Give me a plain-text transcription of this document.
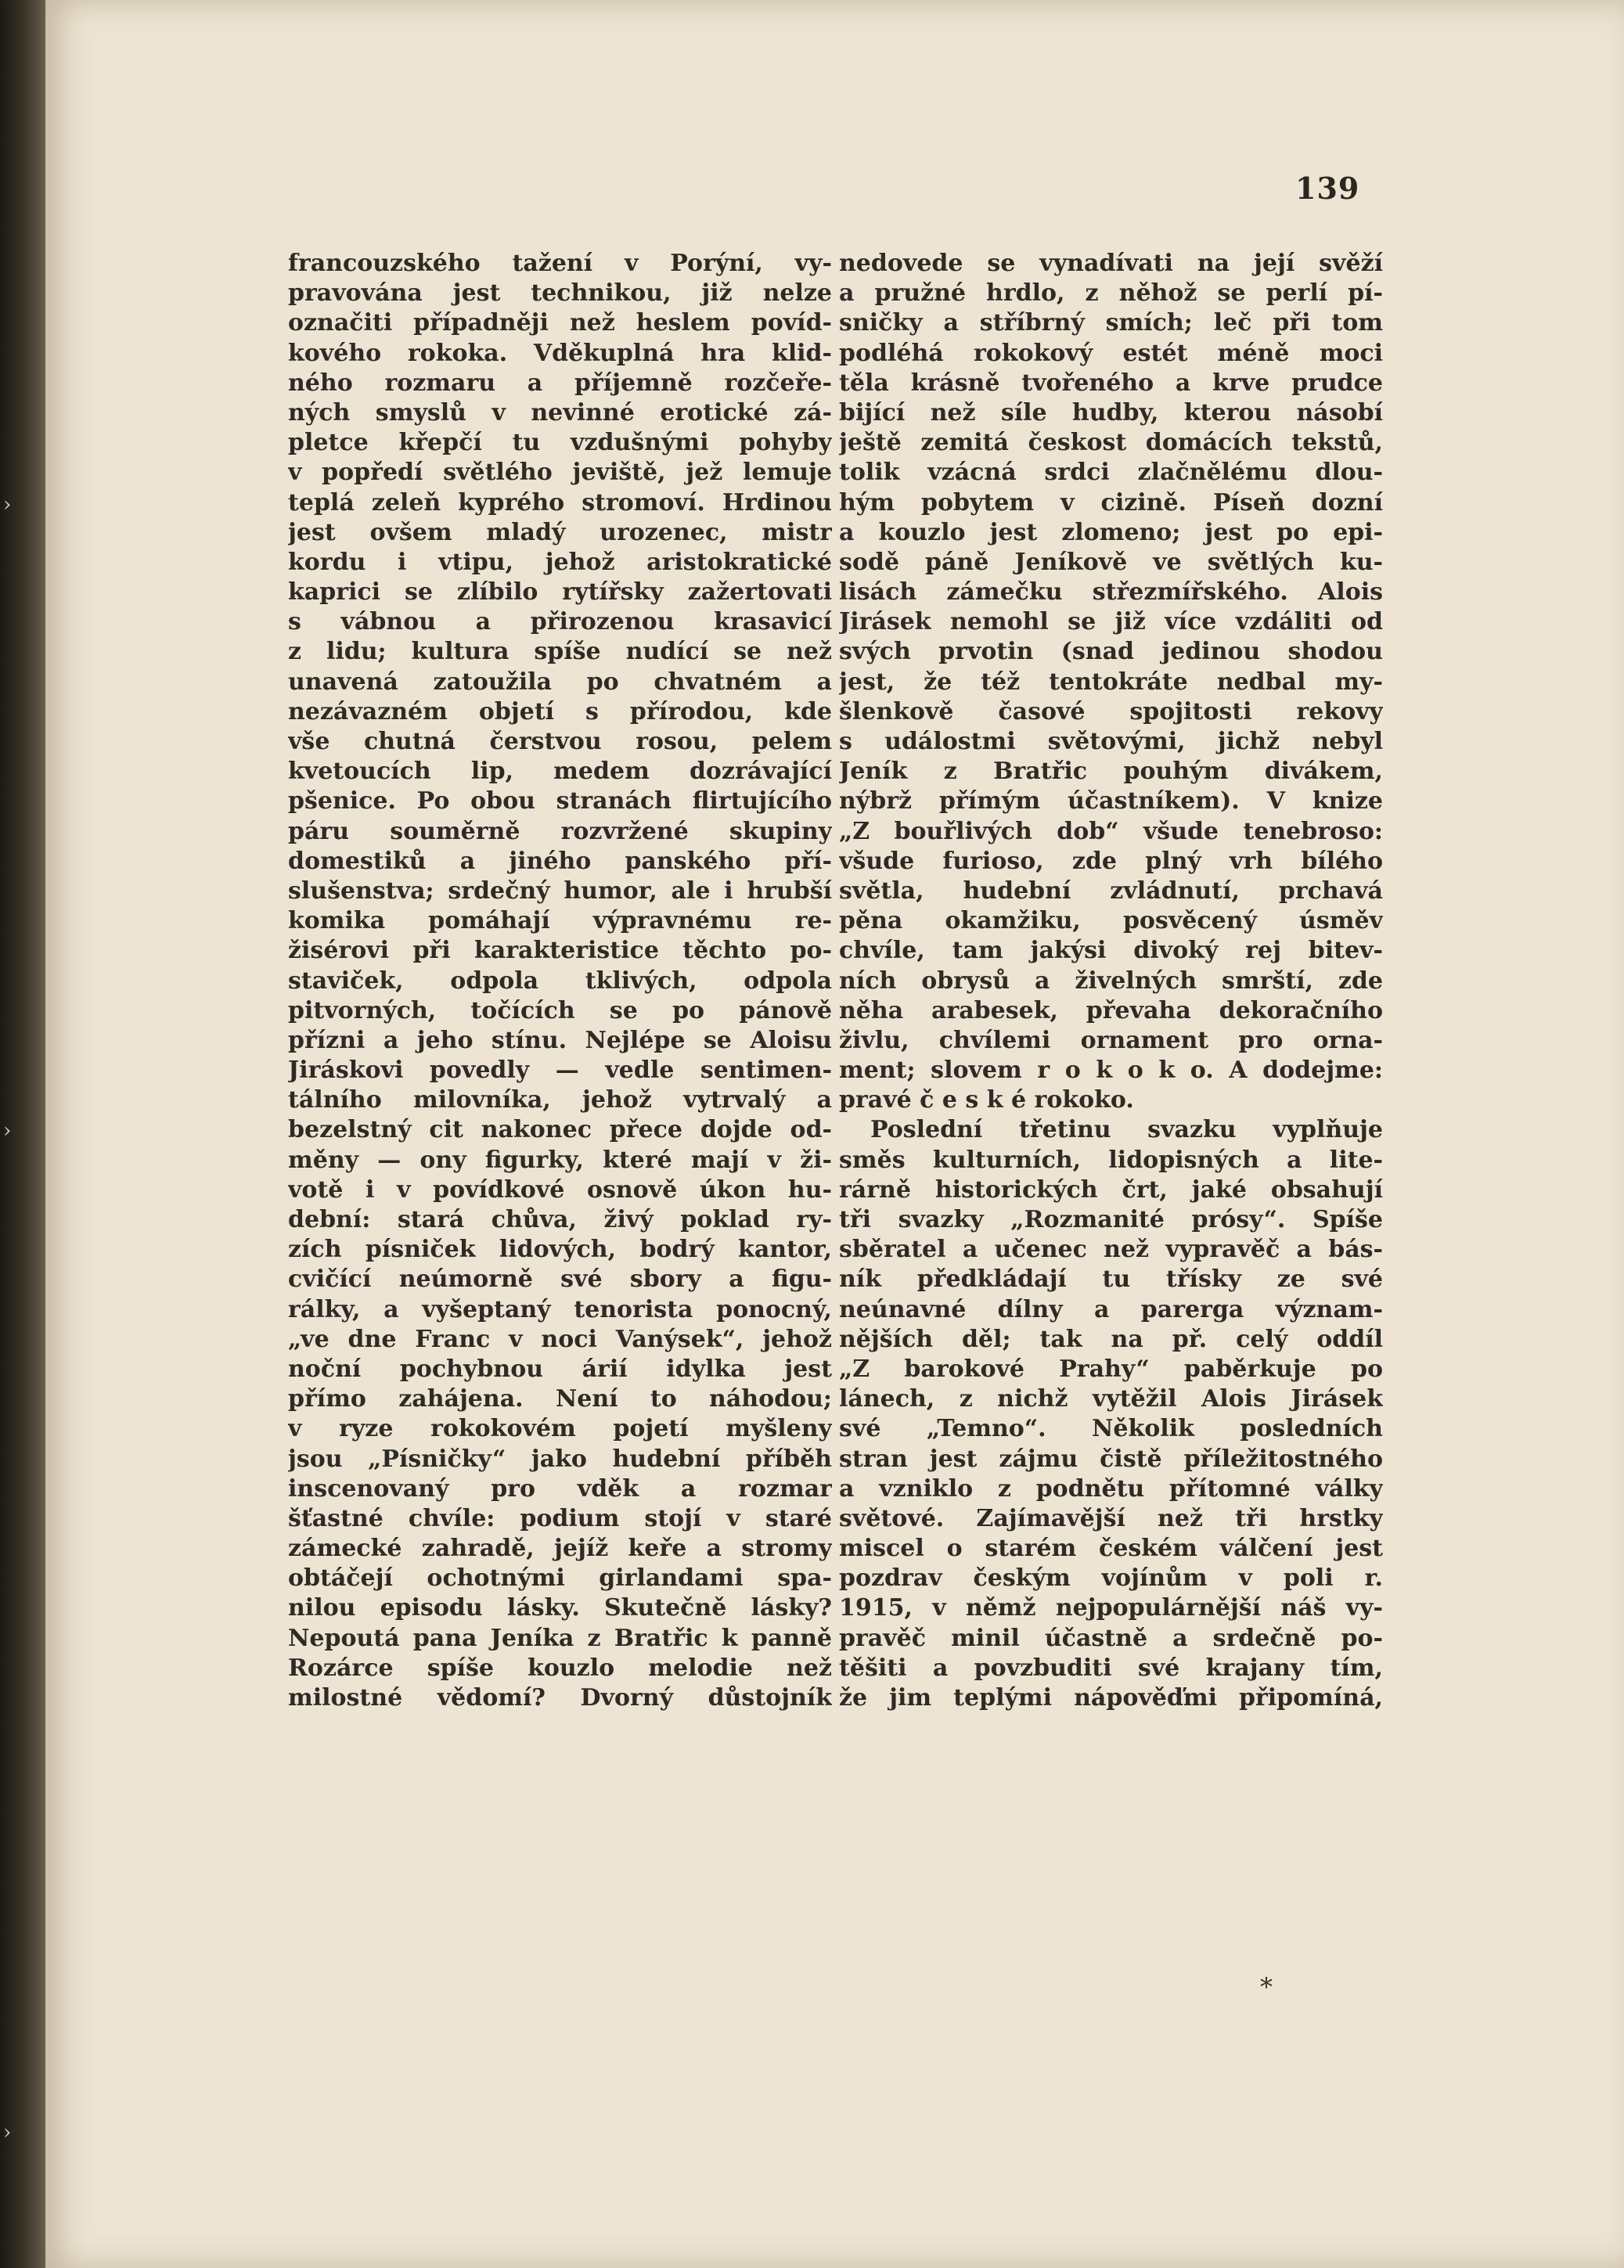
›
›
›
139
francouzského tažení v Porýní, vy-
pravována jest technikou, již nelze
označiti případněji než heslem povíd-
kového rokoka. Vděkuplná hra klid-
ného rozmaru a příjemně rozčeře-
ných smyslů v nevinné erotické zá-
pletce křepčí tu vzdušnými pohyby
v popředí světlého jeviště, jež lemuje
teplá zeleň kyprého stromoví. Hrdinou
jest ovšem mladý urozenec, mistr
kordu i vtipu, jehož aristokratické
kaprici se zlíbilo rytířsky zažertovati
s vábnou a přirozenou krasavicí
z lidu; kultura spíše nudící se než
unavená zatoužila po chvatném a
nezávazném objetí s přírodou, kde
vše chutná čerstvou rosou, pelem
kvetoucích lip, medem dozrávající
pšenice. Po obou stranách flirtujícího
páru souměrně rozvržené skupiny
domestiků a jiného panského pří-
slušenstva; srdečný humor, ale i hrubší
komika pomáhají výpravnému re-
žisérovi při karakteristice těchto po-
staviček, odpola tklivých, odpola
pitvorných, točících se po pánově
přízni a jeho stínu. Nejlépe se Aloisu
Jiráskovi povedly — vedle sentimen-
tálního milovníka, jehož vytrvalý a
bezelstný cit nakonec přece dojde od-
měny — ony figurky, které mají v ži-
votě i v povídkové osnově úkon hu-
dební: stará chůva, živý poklad ry-
zích písniček lidových, bodrý kantor,
cvičící neúmorně své sbory a figu-
rálky, a vyšeptaný tenorista ponocný,
„ve dne Franc v noci Vanýsek“, jehož
noční pochybnou árií idylka jest
přímo zahájena. Není to náhodou;
v ryze rokokovém pojetí myšleny
jsou „Písničky“ jako hudební příběh
inscenovaný pro vděk a rozmar
šťastné chvíle: podium stojí v staré
zámecké zahradě, jejíž keře a stromy
obtáčejí ochotnými girlandami spa-
nilou episodu lásky. Skutečně lásky?
Nepoutá pana Jeníka z Bratřic k panně
Rozárce spíše kouzlo melodie než
milostné vědomí? Dvorný důstojník
nedovede se vynadívati na její svěží
a pružné hrdlo, z něhož se perlí pí-
sničky a stříbrný smích; leč při tom
podléhá rokokový estét méně moci
těla krásně tvořeného a krve prudce
bijící než síle hudby, kterou násobí
ještě zemitá českost domácích tekstů,
tolik vzácná srdci zlačnělému dlou-
hým pobytem v cizině. Píseň dozní
a kouzlo jest zlomeno; jest po epi-
sodě páně Jeníkově ve světlých ku-
lisách zámečku střezmířského. Alois
Jirásek nemohl se již více vzdáliti od
svých prvotin (snad jedinou shodou
jest, že též tentokráte nedbal my-
šlenkově časové spojitosti rekovy
s událostmi světovými, jichž nebyl
Jeník z Bratřic pouhým divákem,
nýbrž přímým účastníkem). V knize
„Z bouřlivých dob“ všude tenebroso:
všude furioso, zde plný vrh bílého
světla, hudební zvládnutí, prchavá
pěna okamžiku, posvěcený úsměv
chvíle, tam jakýsi divoký rej bitev-
ních obrysů a živelných smrští, zde
něha arabesek, převaha dekoračního
živlu, chvílemi ornament pro orna-
ment; slovem r o k o k o. A dodejme:
pravé č e s k é rokoko.
Poslední třetinu svazku vyplňuje
směs kulturních, lidopisných a lite-
rárně historických črt, jaké obsahují
tři svazky „Rozmanité prósy“. Spíše
sběratel a učenec než vypravěč a bás-
ník předkládají tu třísky ze své
neúnavné dílny a parerga význam-
nějších děl; tak na př. celý oddíl
„Z barokové Prahy“ paběrkuje po
lánech, z nichž vytěžil Alois Jirásek
své „Temno“. Několik posledních
stran jest zájmu čistě příležitostného
a vzniklo z podnětu přítomné války
světové. Zajímavější než tři hrstky
miscel o starém českém válčení jest
pozdrav českým vojínům v poli r.
1915, v němž nejpopulárnější náš vy-
pravěč minil účastně a srdečně po-
těšiti a povzbuditi své krajany tím,
že jim teplými nápověďmi připomíná,
*
